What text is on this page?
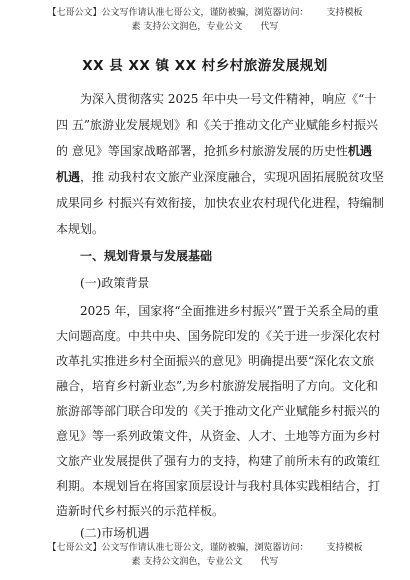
【七哥公文】公文写作请认准七哥公文，谨防被骗，浏览器访问： 支持模板
素 支持公文润色，专业公文 代写
XX 县 XX 镇 XX 村乡村旅游发展规划
为深入贯彻落实 2025 年中央一号文件精神，响应《“十
四 五”旅游业发展规划》和《关于推动文化产业赋能乡村振兴
的 意见》等国家战略部署，抢抓乡村旅游发展的历史性机遇
机遇，推 动我村农文旅产业深度融合，实现巩固拓展脱贫攻坚
成果同乡 村振兴有效衔接，加快农业农村现代化进程，特编制
本规划。
一、规划背景与发展基础
(一)政策背景
2025 年，国家将“全面推进乡村振兴”置于关系全局的重
大问题高度。中共中央、国务院印发的《关于进一步深化农村
改革扎实推进乡村全面振兴的意见》明确提出要“深化农文旅
融合，培育乡村新业态”,为乡村旅游发展指明了方向。文化和
旅游部等部门联合印发的《关于推动文化产业赋能乡村振兴的
意见》等一系列政策文件，从资金、人才、土地等方面为乡村
文旅产业发展提供了强有力的支持，构建了前所未有的政策红
利期。本规划旨在将国家顶层设计与我村具体实践相结合，打
造新时代乡村振兴的示范样板。
(二)市场机遇
【七哥公文】公文写作请认准七哥公文，谨防被骗，浏览器访问： 支持模板
素 支持公文润色，专业公文 代写
